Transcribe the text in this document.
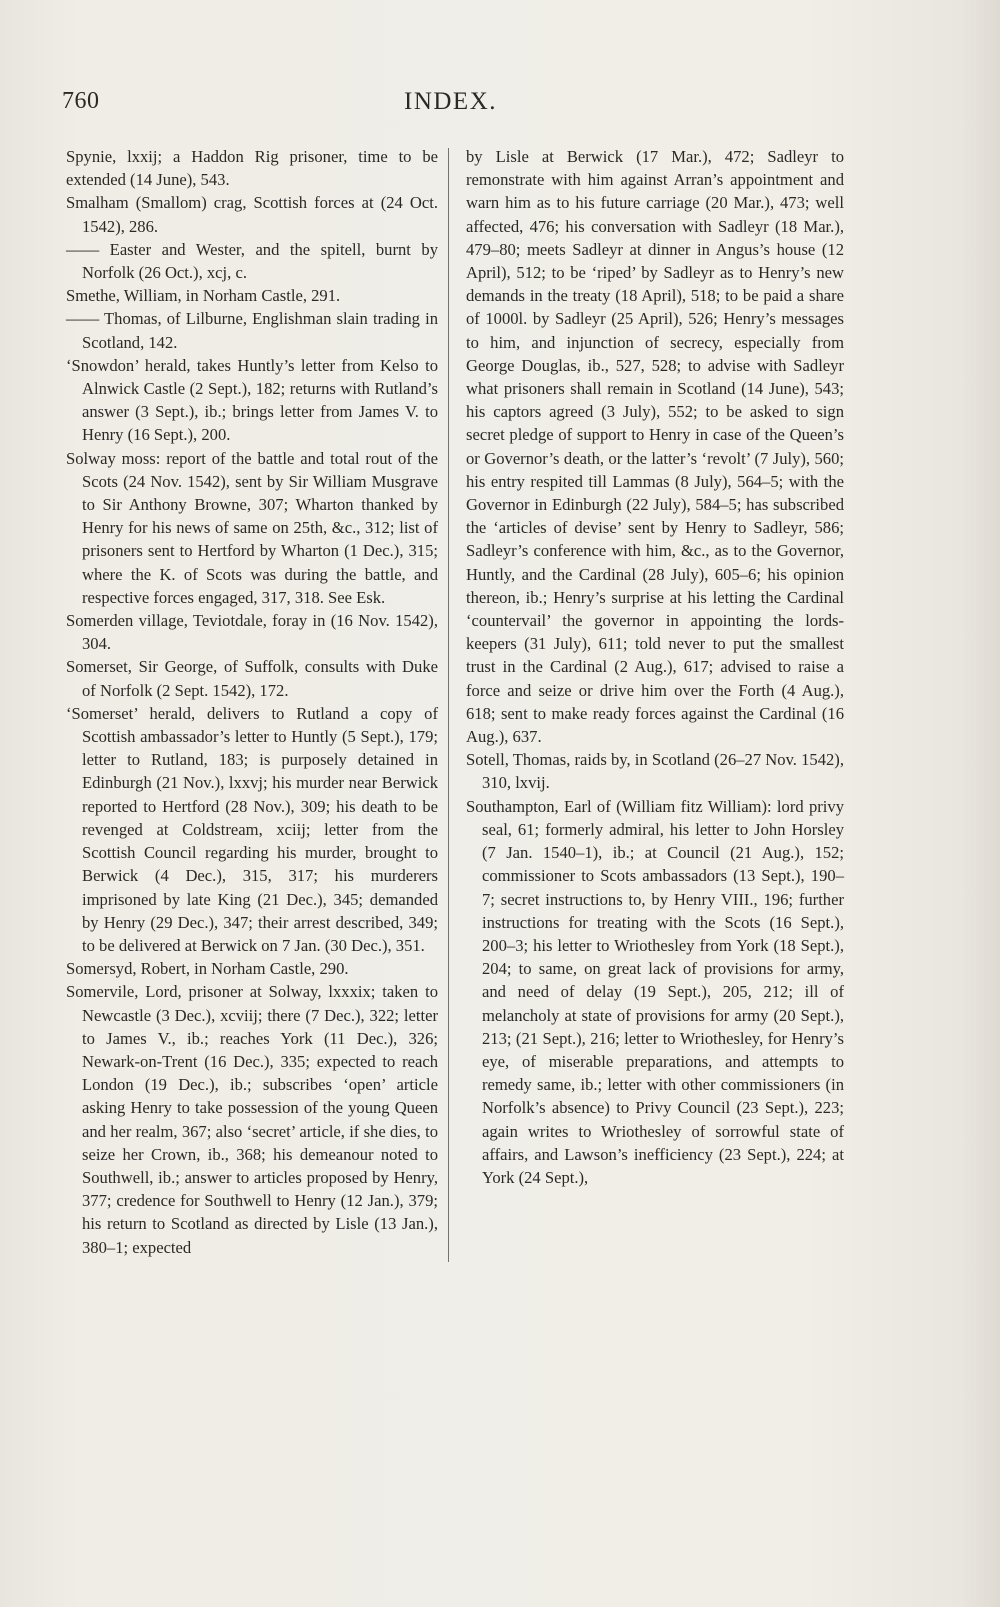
760	INDEX.

Spynie, lxxij; a Haddon Rig prisoner, time to be extended (14 June), 543.

Smalham (Smallom) crag, Scottish forces at (24 Oct. 1542), 286.

—— Easter and Wester, and the spitell, burnt by Norfolk (26 Oct.), xcj, c.

Smethe, William, in Norham Castle, 291.

—— Thomas, of Lilburne, Englishman slain trading in Scotland, 142.

‘Snowdon’ herald, takes Huntly’s letter from Kelso to Alnwick Castle (2 Sept.), 182; returns with Rutland’s answer (3 Sept.), ib.; brings letter from James V. to Henry (16 Sept.), 200.

Solway moss: report of the battle and total rout of the Scots (24 Nov. 1542), sent by Sir William Musgrave to Sir Anthony Browne, 307; Wharton thanked by Henry for his news of same on 25th, &c., 312; list of prisoners sent to Hertford by Wharton (1 Dec.), 315; where the K. of Scots was during the battle, and respective forces engaged, 317, 318. See Esk.

Somerden village, Teviotdale, foray in (16 Nov. 1542), 304.

Somerset, Sir George, of Suffolk, consults with Duke of Norfolk (2 Sept. 1542), 172.

‘Somerset’ herald, delivers to Rutland a copy of Scottish ambassador’s letter to Huntly (5 Sept.), 179; letter to Rutland, 183; is purposely detained in Edinburgh (21 Nov.), lxxvj; his murder near Berwick reported to Hertford (28 Nov.), 309; his death to be revenged at Coldstream, xciij; letter from the Scottish Council regarding his murder, brought to Berwick (4 Dec.), 315, 317; his murderers imprisoned by late King (21 Dec.), 345; demanded by Henry (29 Dec.), 347; their arrest described, 349; to be delivered at Berwick on 7 Jan. (30 Dec.), 351.

Somersyd, Robert, in Norham Castle, 290.

Somervile, Lord, prisoner at Solway, lxxxix; taken to Newcastle (3 Dec.), xcviij; there (7 Dec.), 322; letter to James V., ib.; reaches York (11 Dec.), 326; Newark-on-Trent (16 Dec.), 335; expected to reach London (19 Dec.), ib.; subscribes ‘open’ article asking Henry to take possession of the young Queen and her realm, 367; also ‘secret’ article, if she dies, to seize her Crown, ib., 368; his demeanour noted to Southwell, ib.; answer to articles proposed by Henry, 377; credence for Southwell to Henry (12 Jan.), 379; his return to Scotland as directed by Lisle (13 Jan.), 380–1; expected

by Lisle at Berwick (17 Mar.), 472; Sadleyr to remonstrate with him against Arran’s appointment and warn him as to his future carriage (20 Mar.), 473; well affected, 476; his conversation with Sadleyr (18 Mar.), 479–80; meets Sadleyr at dinner in Angus’s house (12 April), 512; to be ‘riped’ by Sadleyr as to Henry’s new demands in the treaty (18 April), 518; to be paid a share of 1000l. by Sadleyr (25 April), 526; Henry’s messages to him, and injunction of secrecy, especially from George Douglas, ib., 527, 528; to advise with Sadleyr what prisoners shall remain in Scotland (14 June), 543; his captors agreed (3 July), 552; to be asked to sign secret pledge of support to Henry in case of the Queen’s or Governor’s death, or the latter’s ‘revolt’ (7 July), 560; his entry respited till Lammas (8 July), 564–5; with the Governor in Edinburgh (22 July), 584–5; has subscribed the ‘articles of devise’ sent by Henry to Sadleyr, 586; Sadleyr’s conference with him, &c., as to the Governor, Huntly, and the Cardinal (28 July), 605–6; his opinion thereon, ib.; Henry’s surprise at his letting the Cardinal ‘countervail’ the governor in appointing the lords-keepers (31 July), 611; told never to put the smallest trust in the Cardinal (2 Aug.), 617; advised to raise a force and seize or drive him over the Forth (4 Aug.), 618; sent to make ready forces against the Cardinal (16 Aug.), 637.

Sotell, Thomas, raids by, in Scotland (26–27 Nov. 1542), 310, lxvij.

Southampton, Earl of (William fitz William): lord privy seal, 61; formerly admiral, his letter to John Horsley (7 Jan. 1540–1), ib.; at Council (21 Aug.), 152; commissioner to Scots ambassadors (13 Sept.), 190–7; secret instructions to, by Henry VIII., 196; further instructions for treating with the Scots (16 Sept.), 200–3; his letter to Wriothesley from York (18 Sept.), 204; to same, on great lack of provisions for army, and need of delay (19 Sept.), 205, 212; ill of melancholy at state of provisions for army (20 Sept.), 213; (21 Sept.), 216; letter to Wriothesley, for Henry’s eye, of miserable preparations, and attempts to remedy same, ib.; letter with other commissioners (in Norfolk’s absence) to Privy Council (23 Sept.), 223; again writes to Wriothesley of sorrowful state of affairs, and Lawson’s inefficiency (23 Sept.), 224; at York (24 Sept.),
